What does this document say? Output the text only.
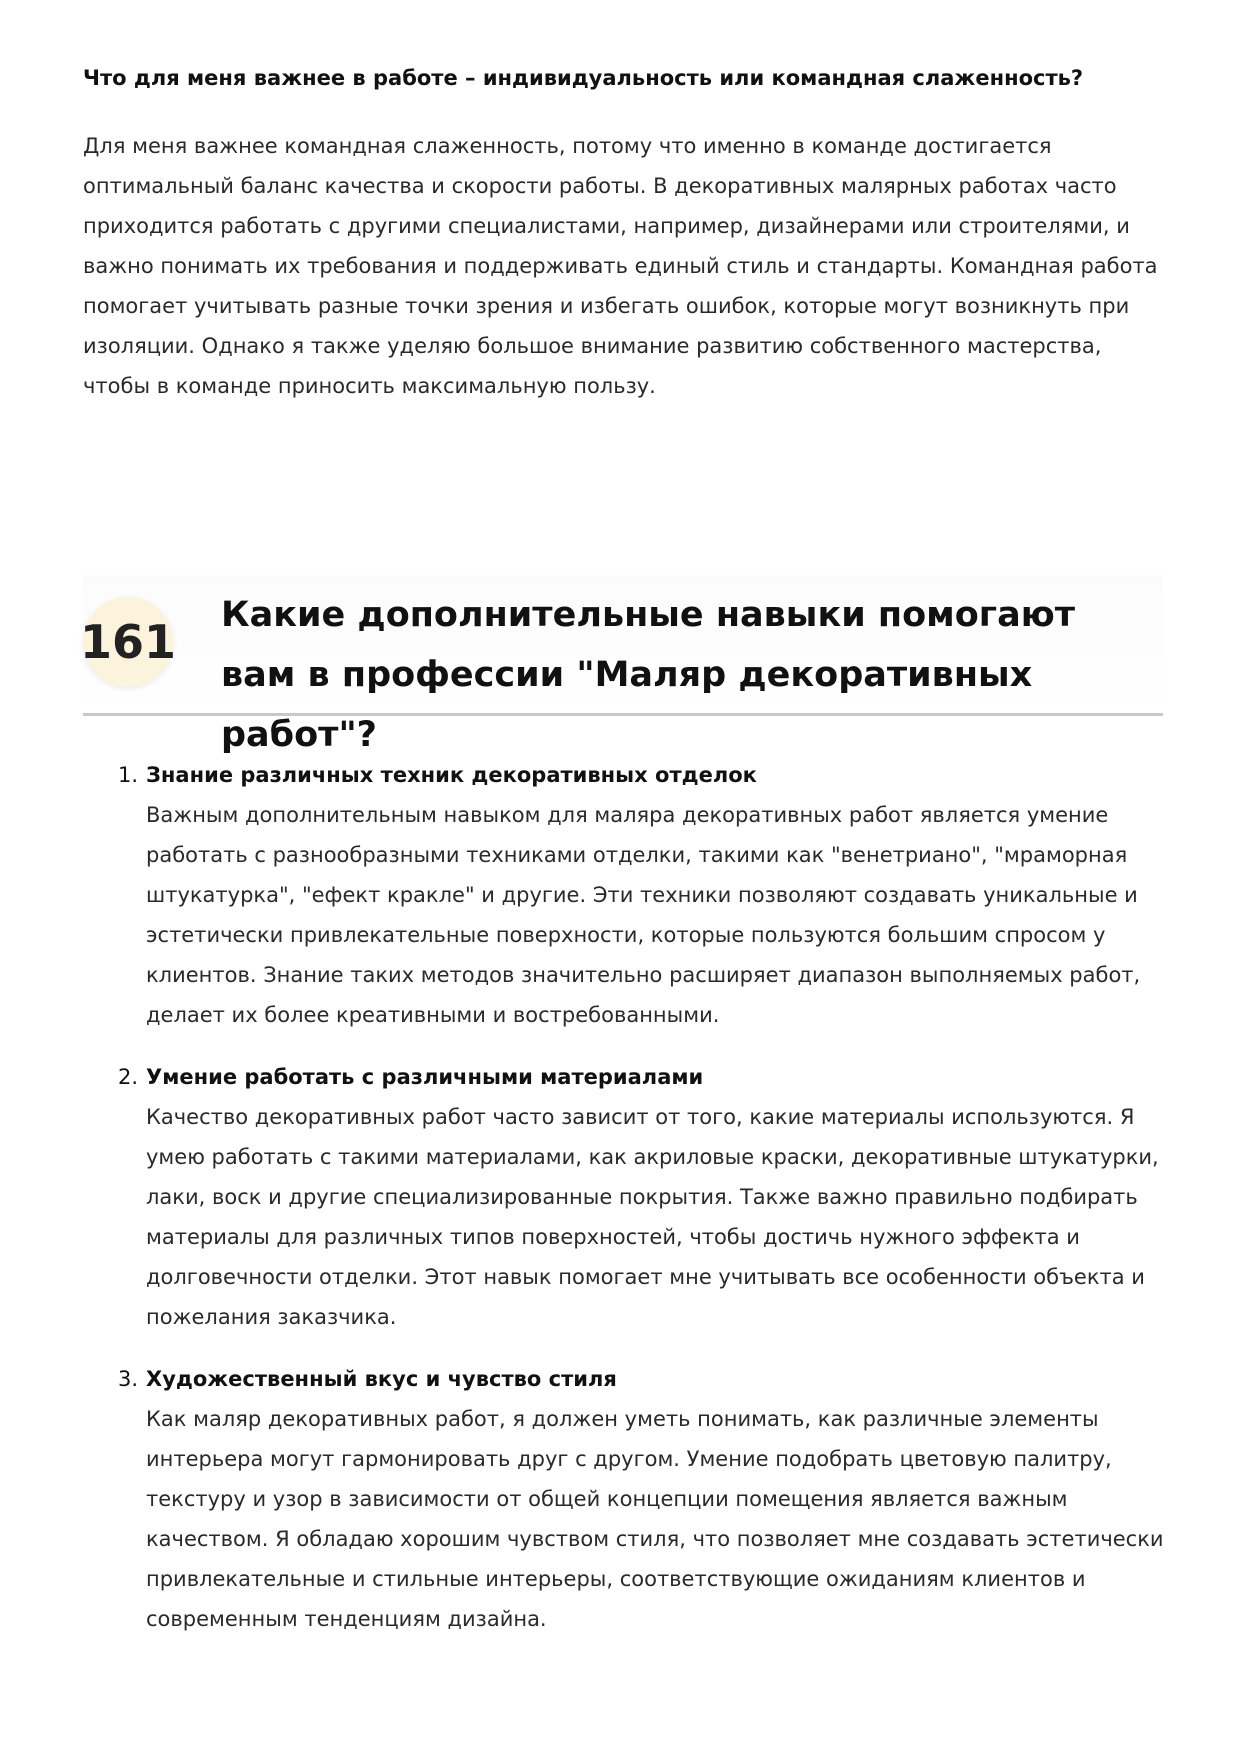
Что для меня важнее в работе – индивидуальность или командная слаженность?

Для меня важнее командная слаженность, потому что именно в команде достигается оптимальный баланс качества и скорости работы. В декоративных малярных работах часто приходится работать с другими специалистами, например, дизайнерами или строителями, и важно понимать их требования и поддерживать единый стиль и стандарты. Командная работа помогает учитывать разные точки зрения и избегать ошибок, которые могут возникнуть при изоляции. Однако я также уделяю большое внимание развитию собственного мастерства, чтобы в команде приносить максимальную пользу.

161 Какие дополнительные навыки помогают вам в профессии "Маляр декоративных работ"?
1. Знание различных техник декоративных отделок
Важным дополнительным навыком для маляра декоративных работ является умение работать с разнообразными техниками отделки, такими как "венетриано", "мраморная штукатурка", "ефект кракле" и другие. Эти техники позволяют создавать уникальные и эстетически привлекательные поверхности, которые пользуются большим спросом у клиентов. Знание таких методов значительно расширяет диапазон выполняемых работ, делает их более креативными и востребованными.
2. Умение работать с различными материалами
Качество декоративных работ часто зависит от того, какие материалы используются. Я умею работать с такими материалами, как акриловые краски, декоративные штукатурки, лаки, воск и другие специализированные покрытия. Также важно правильно подбирать материалы для различных типов поверхностей, чтобы достичь нужного эффекта и долговечности отделки. Этот навык помогает мне учитывать все особенности объекта и пожелания заказчика.
3. Художественный вкус и чувство стиля
Как маляр декоративных работ, я должен уметь понимать, как различные элементы интерьера могут гармонировать друг с другом. Умение подобрать цветовую палитру, текстуру и узор в зависимости от общей концепции помещения является важным качеством. Я обладаю хорошим чувством стиля, что позволяет мне создавать эстетически привлекательные и стильные интерьеры, соответствующие ожиданиям клиентов и современным тенденциям дизайна.
